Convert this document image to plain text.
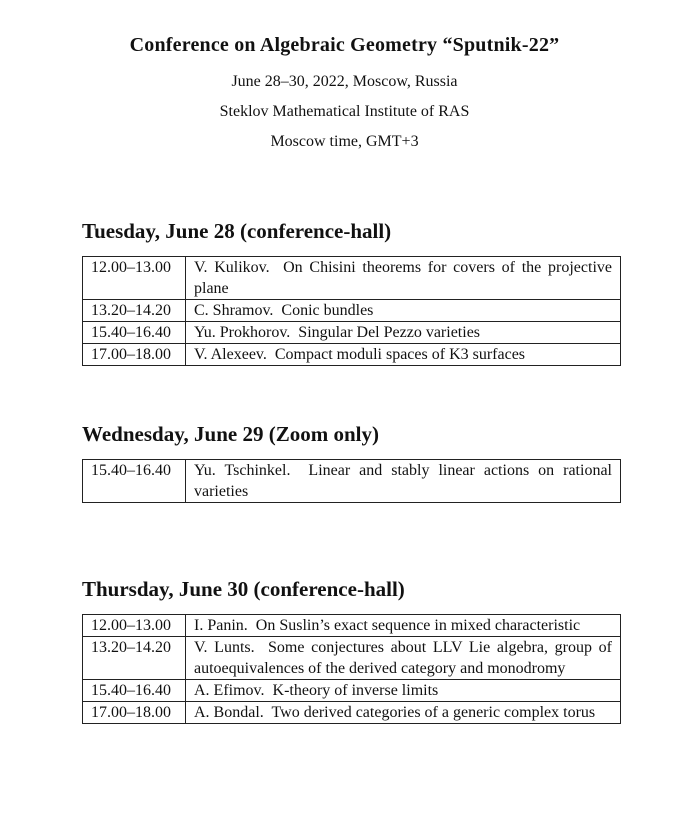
Conference on Algebraic Geometry “Sputnik-22”
June 28–30, 2022, Moscow, Russia
Steklov Mathematical Institute of RAS
Moscow time, GMT+3
Tuesday, June 28 (conference-hall)
12.00–13.00	V. Kulikov. On Chisini theorems for covers of the projective plane
13.20–14.20	C. Shramov. Conic bundles
15.40–16.40	Yu. Prokhorov. Singular Del Pezzo varieties
17.00–18.00	V. Alexeev. Compact moduli spaces of K3 surfaces
Wednesday, June 29 (Zoom only)
15.40–16.40	Yu. Tschinkel. Linear and stably linear actions on rational varieties
Thursday, June 30 (conference-hall)
12.00–13.00	I. Panin. On Suslin’s exact sequence in mixed characteristic
13.20–14.20	V. Lunts. Some conjectures about LLV Lie algebra, group of autoequivalences of the derived category and monodromy
15.40–16.40	A. Efimov. K-theory of inverse limits
17.00–18.00	A. Bondal. Two derived categories of a generic complex torus
